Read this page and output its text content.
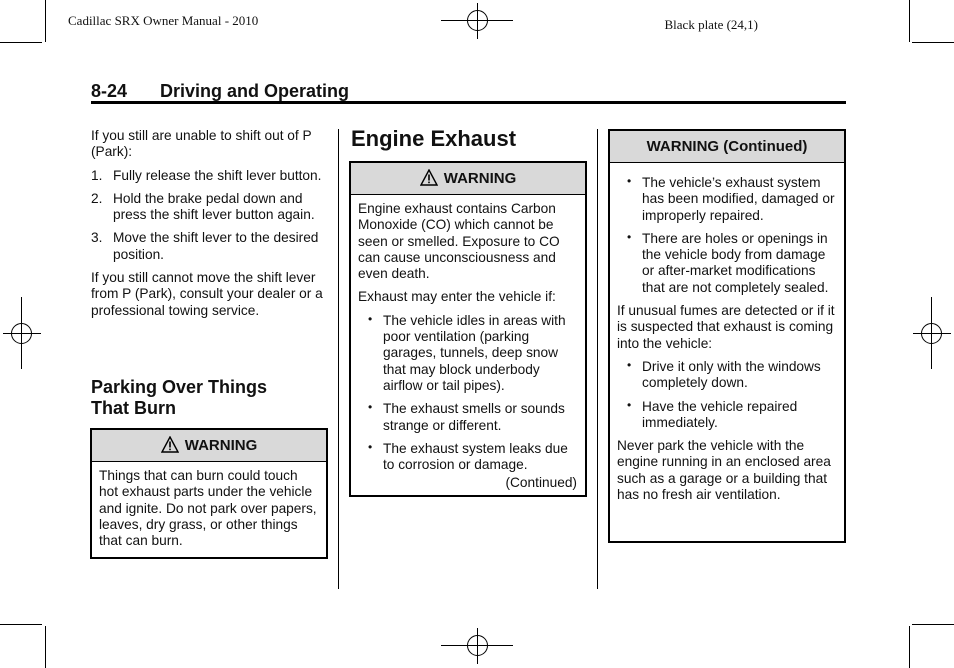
Cadillac SRX Owner Manual - 2010	Black plate (24,1)
8-24 Driving and Operating
If you still are unable to shift out of P (Park):
1. Fully release the shift lever button.
2. Hold the brake pedal down and press the shift lever button again.
3. Move the shift lever to the desired position.
If you still cannot move the shift lever from P (Park), consult your dealer or a professional towing service.
Parking Over Things That Burn
WARNING
Things that can burn could touch hot exhaust parts under the vehicle and ignite. Do not park over papers, leaves, dry grass, or other things that can burn.
Engine Exhaust
WARNING
Engine exhaust contains Carbon Monoxide (CO) which cannot be seen or smelled. Exposure to CO can cause unconsciousness and even death.
Exhaust may enter the vehicle if:
• The vehicle idles in areas with poor ventilation (parking garages, tunnels, deep snow that may block underbody airflow or tail pipes).
• The exhaust smells or sounds strange or different.
• The exhaust system leaks due to corrosion or damage.
(Continued)
WARNING (Continued)
• The vehicle’s exhaust system has been modified, damaged or improperly repaired.
• There are holes or openings in the vehicle body from damage or after-market modifications that are not completely sealed.
If unusual fumes are detected or if it is suspected that exhaust is coming into the vehicle:
• Drive it only with the windows completely down.
• Have the vehicle repaired immediately.
Never park the vehicle with the engine running in an enclosed area such as a garage or a building that has no fresh air ventilation.
